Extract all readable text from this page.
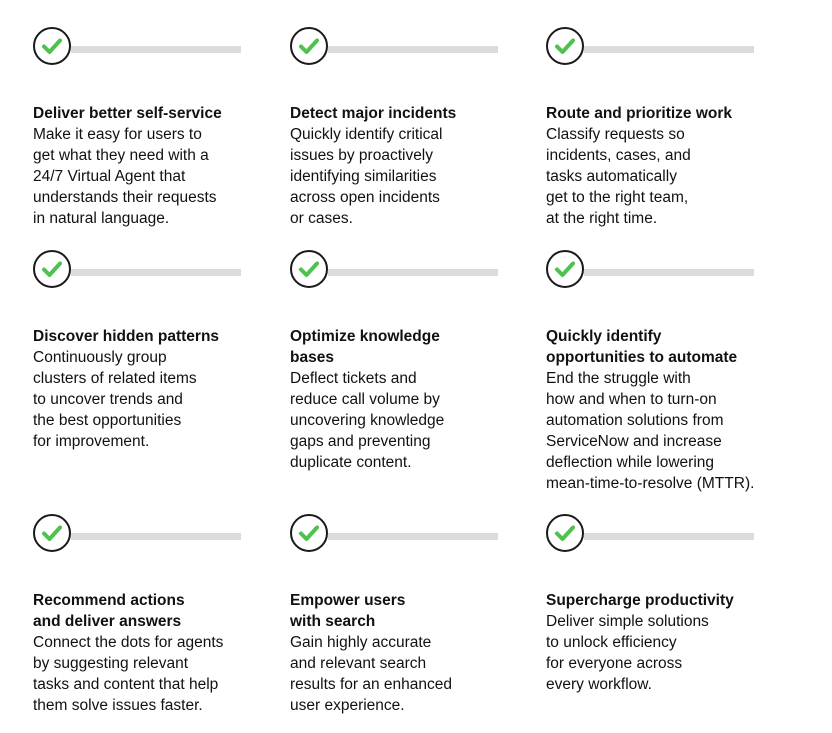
Deliver better self-service
Make it easy for users to
get what they need with a
24/7 Virtual Agent that
understands their requests
in natural language.
Detect major incidents
Quickly identify critical
issues by proactively
identifying similarities
across open incidents
or cases.
Route and prioritize work
Classify requests so
incidents, cases, and
tasks automatically
get to the right team,
at the right time.
Discover hidden patterns
Continuously group
clusters of related items
to uncover trends and
the best opportunities
for improvement.
Optimize knowledge
bases
Deflect tickets and
reduce call volume by
uncovering knowledge
gaps and preventing
duplicate content.
Quickly identify
opportunities to automate
End the struggle with
how and when to turn-on
automation solutions from
ServiceNow and increase
deflection while lowering
mean-time-to-resolve (MTTR).
Recommend actions
and deliver answers
Connect the dots for agents
by suggesting relevant
tasks and content that help
them solve issues faster.
Empower users
with search
Gain highly accurate
and relevant search
results for an enhanced
user experience.
Supercharge productivity
Deliver simple solutions
to unlock efficiency
for everyone across
every workflow.
